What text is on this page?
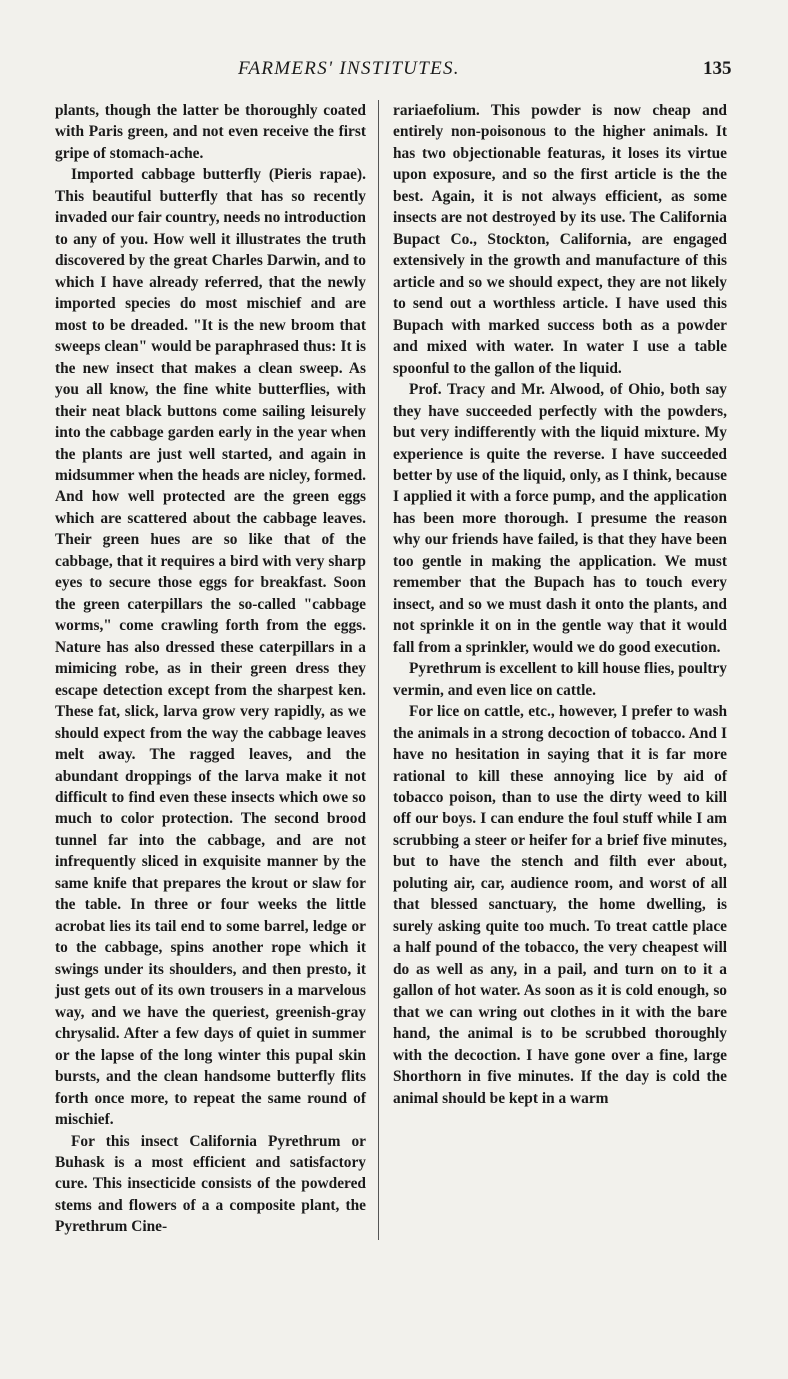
FARMERS' INSTITUTES.	135

plants, though the latter be thoroughly coated with Paris green, and not even receive the first gripe of stomach-ache.

Imported cabbage butterfly (Pieris rapae). This beautiful butterfly that has so recently invaded our fair country, needs no introduction to any of you. How well it illustrates the truth discovered by the great Charles Darwin, and to which I have already referred, that the newly imported species do most mischief and are most to be dreaded. "It is the new broom that sweeps clean" would be paraphrased thus: It is the new insect that makes a clean sweep. As you all know, the fine white butterflies, with their neat black buttons come sailing leisurely into the cabbage garden early in the year when the plants are just well started, and again in midsummer when the heads are nicley, formed. And how well protected are the green eggs which are scattered about the cabbage leaves. Their green hues are so like that of the cabbage, that it requires a bird with very sharp eyes to secure those eggs for breakfast. Soon the green caterpillars the so-called "cabbage worms," come crawling forth from the eggs. Nature has also dressed these caterpillars in a mimicing robe, as in their green dress they escape detection except from the sharpest ken. These fat, slick, larva grow very rapidly, as we should expect from the way the cabbage leaves melt away. The ragged leaves, and the abundant droppings of the larva make it not difficult to find even these insects which owe so much to color protection. The second brood tunnel far into the cabbage, and are not infrequently sliced in exquisite manner by the same knife that prepares the krout or slaw for the table. In three or four weeks the little acrobat lies its tail end to some barrel, ledge or to the cabbage, spins another rope which it swings under its shoulders, and then presto, it just gets out of its own trousers in a marvelous way, and we have the queriest, greenish-gray chrysalid. After a few days of quiet in summer or the lapse of the long winter this pupal skin bursts, and the clean handsome butterfly flits forth once more, to repeat the same round of mischief.

For this insect California Pyrethrum or Buhask is a most efficient and satisfactory cure. This insecticide consists of the powdered stems and flowers of a a composite plant, the Pyrethrum Cine-

rariaefolium. This powder is now cheap and entirely non-poisonous to the higher animals. It has two objectionable featuras, it loses its virtue upon exposure, and so the first article is the the best. Again, it is not always efficient, as some insects are not destroyed by its use. The California Bupact Co., Stockton, California, are engaged extensively in the growth and manufacture of this article and so we should expect, they are not likely to send out a worthless article. I have used this Bupach with marked success both as a powder and mixed with water. In water I use a table spoonful to the gallon of the liquid.

Prof. Tracy and Mr. Alwood, of Ohio, both say they have succeeded perfectly with the powders, but very indifferently with the liquid mixture. My experience is quite the reverse. I have succeeded better by use of the liquid, only, as I think, because I applied it with a force pump, and the application has been more thorough. I presume the reason why our friends have failed, is that they have been too gentle in making the application. We must remember that the Bupach has to touch every insect, and so we must dash it onto the plants, and not sprinkle it on in the gentle way that it would fall from a sprinkler, would we do good execution.

Pyrethrum is excellent to kill house flies, poultry vermin, and even lice on cattle.

For lice on cattle, etc., however, I prefer to wash the animals in a strong decoction of tobacco. And I have no hesitation in saying that it is far more rational to kill these annoying lice by aid of tobacco poison, than to use the dirty weed to kill off our boys. I can endure the foul stuff while I am scrubbing a steer or heifer for a brief five minutes, but to have the stench and filth ever about, poluting air, car, audience room, and worst of all that blessed sanctuary, the home dwelling, is surely asking quite too much. To treat cattle place a half pound of the tobacco, the very cheapest will do as well as any, in a pail, and turn on to it a gallon of hot water. As soon as it is cold enough, so that we can wring out clothes in it with the bare hand, the animal is to be scrubbed thoroughly with the decoction. I have gone over a fine, large Shorthorn in five minutes. If the day is cold the animal should be kept in a warm
